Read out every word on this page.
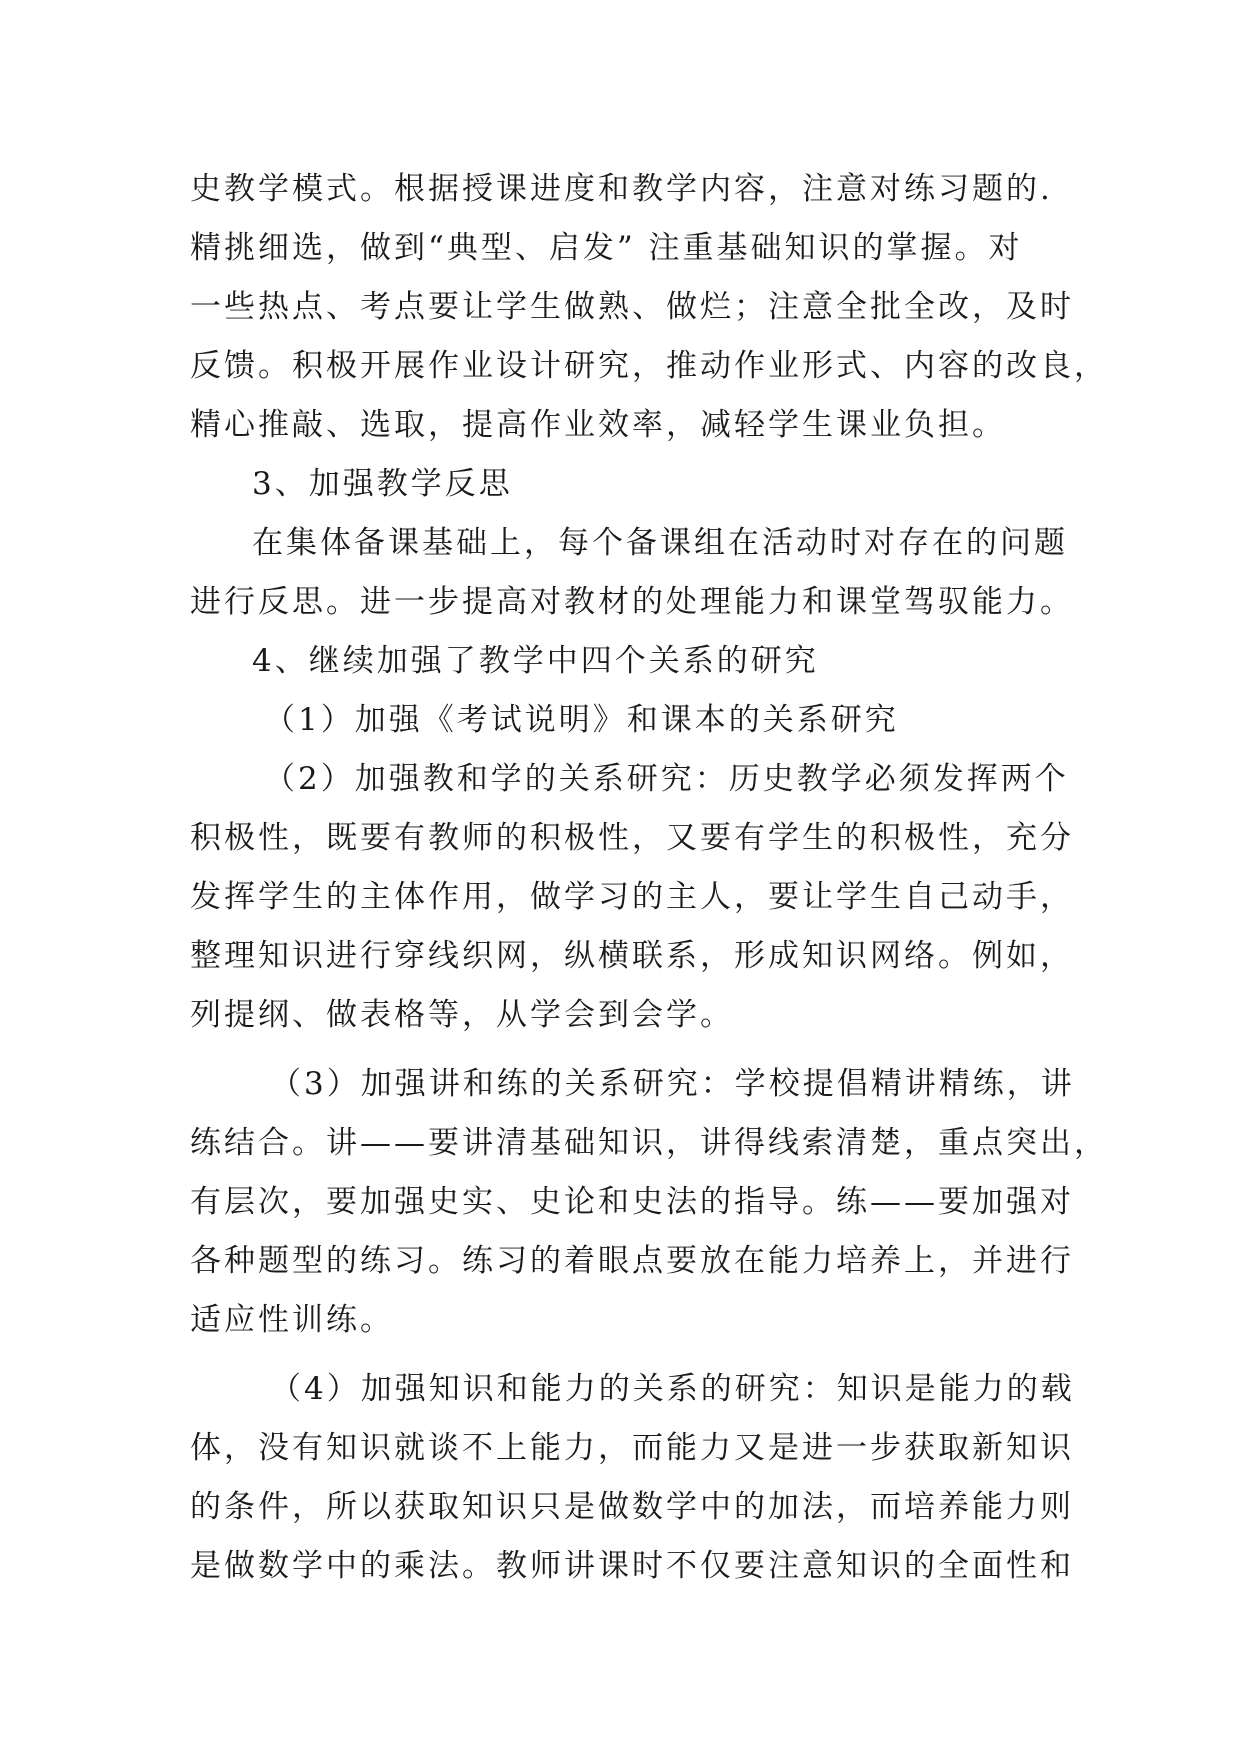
史教学模式。根据授课进度和教学内容，注意对练习题的.
精挑细选，做到“典型、启发” 注重基础知识的掌握。对
一些热点、考点要让学生做熟、做烂；注意全批全改，及时
反馈。积极开展作业设计研究，推动作业形式、内容的改良，
精心推敲、选取，提高作业效率，减轻学生课业负担。
3、加强教学反思
在集体备课基础上，每个备课组在活动时对存在的问题
进行反思。进一步提高对教材的处理能力和课堂驾驭能力。
4、继续加强了教学中四个关系的研究
（1）加强《考试说明》和课本的关系研究
（2）加强教和学的关系研究：历史教学必须发挥两个
积极性，既要有教师的积极性，又要有学生的积极性，充分
发挥学生的主体作用，做学习的主人，要让学生自己动手，
整理知识进行穿线织网，纵横联系，形成知识网络。例如，
列提纲、做表格等，从学会到会学。
（3）加强讲和练的关系研究：学校提倡精讲精练，讲
练结合。讲——要讲清基础知识，讲得线索清楚，重点突出，
有层次，要加强史实、史论和史法的指导。练——要加强对
各种题型的练习。练习的着眼点要放在能力培养上，并进行
适应性训练。
（4）加强知识和能力的关系的研究：知识是能力的载
体，没有知识就谈不上能力，而能力又是进一步获取新知识
的条件，所以获取知识只是做数学中的加法，而培养能力则
是做数学中的乘法。教师讲课时不仅要注意知识的全面性和
